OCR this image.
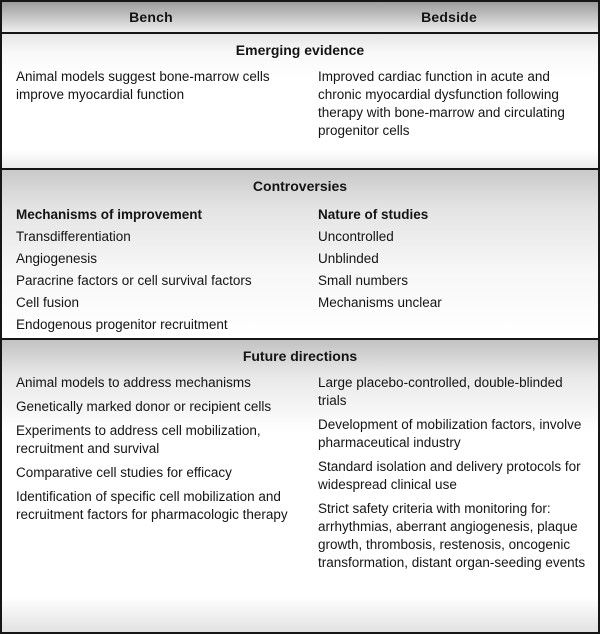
Bench	Bedside
Emerging evidence

Animal models suggest bone-marrow cells improve myocardial function

Improved cardiac function in acute and chronic myocardial dysfunction following therapy with bone-marrow and circulating progenitor cells

Controversies
Mechanisms of improvement
Transdifferentiation
Angiogenesis
Paracrine factors or cell survival factors
Cell fusion
Endogenous progenitor recruitment
Nature of studies
Uncontrolled
Unblinded
Small numbers
Mechanisms unclear
Future directions

Animal models to address mechanisms

Genetically marked donor or recipient cells

Experiments to address cell mobilization, recruitment and survival

Comparative cell studies for efficacy

Identification of specific cell mobilization and recruitment factors for pharmacologic therapy

Large placebo-controlled, double-blinded trials

Development of mobilization factors, involve pharmaceutical industry

Standard isolation and delivery protocols for widespread clinical use

Strict safety criteria with monitoring for: arrhythmias, aberrant angiogenesis, plaque growth, thrombosis, restenosis, oncogenic transformation, distant organ-seeding events
